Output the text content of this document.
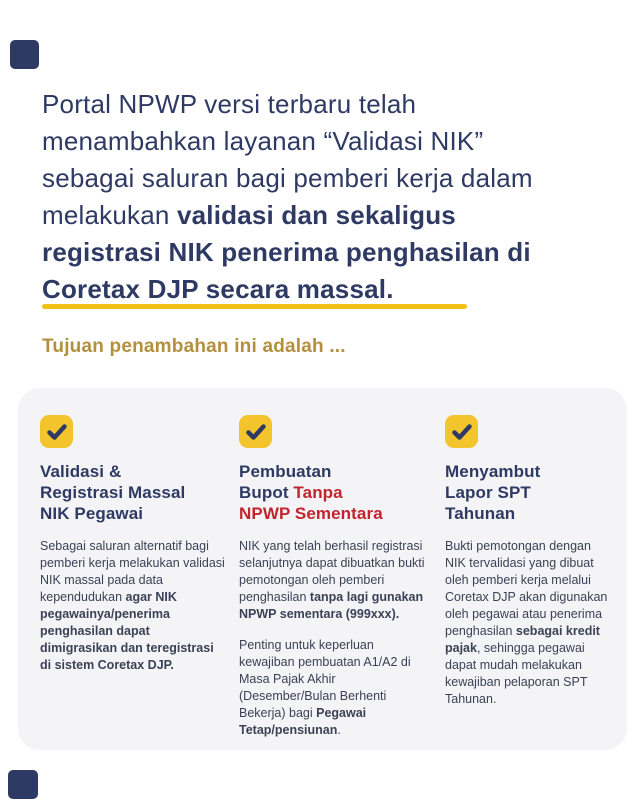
Portal NPWP versi terbaru telah
menambahkan layanan “Validasi NIK”
sebagai saluran bagi pemberi kerja dalam
melakukan validasi dan sekaligus
registrasi NIK penerima penghasilan di
Coretax DJP secara massal.
Tujuan penambahan ini adalah ...
Validasi &
Registrasi Massal
NIK Pegawai

Sebagai saluran alternatif bagi pemberi kerja melakukan validasi NIK massal pada data kependudukan agar NIK pegawainya/penerima penghasilan dapat dimigrasikan dan teregistrasi di sistem Coretax DJP.

Pembuatan
Bupot Tanpa
NPWP Sementara

NIK yang telah berhasil registrasi selanjutnya dapat dibuatkan bukti pemotongan oleh pemberi penghasilan tanpa lagi gunakan NPWP sementara (999xxx).

Penting untuk keperluan kewajiban pembuatan A1/A2 di Masa Pajak Akhir (Desember/Bulan Berhenti Bekerja) bagi Pegawai Tetap/pensiunan.

Menyambut
Lapor SPT
Tahunan

Bukti pemotongan dengan NIK tervalidasi yang dibuat oleh pemberi kerja melalui Coretax DJP akan digunakan oleh pegawai atau penerima penghasilan sebagai kredit pajak, sehingga pegawai dapat mudah melakukan kewajiban pelaporan SPT Tahunan.
